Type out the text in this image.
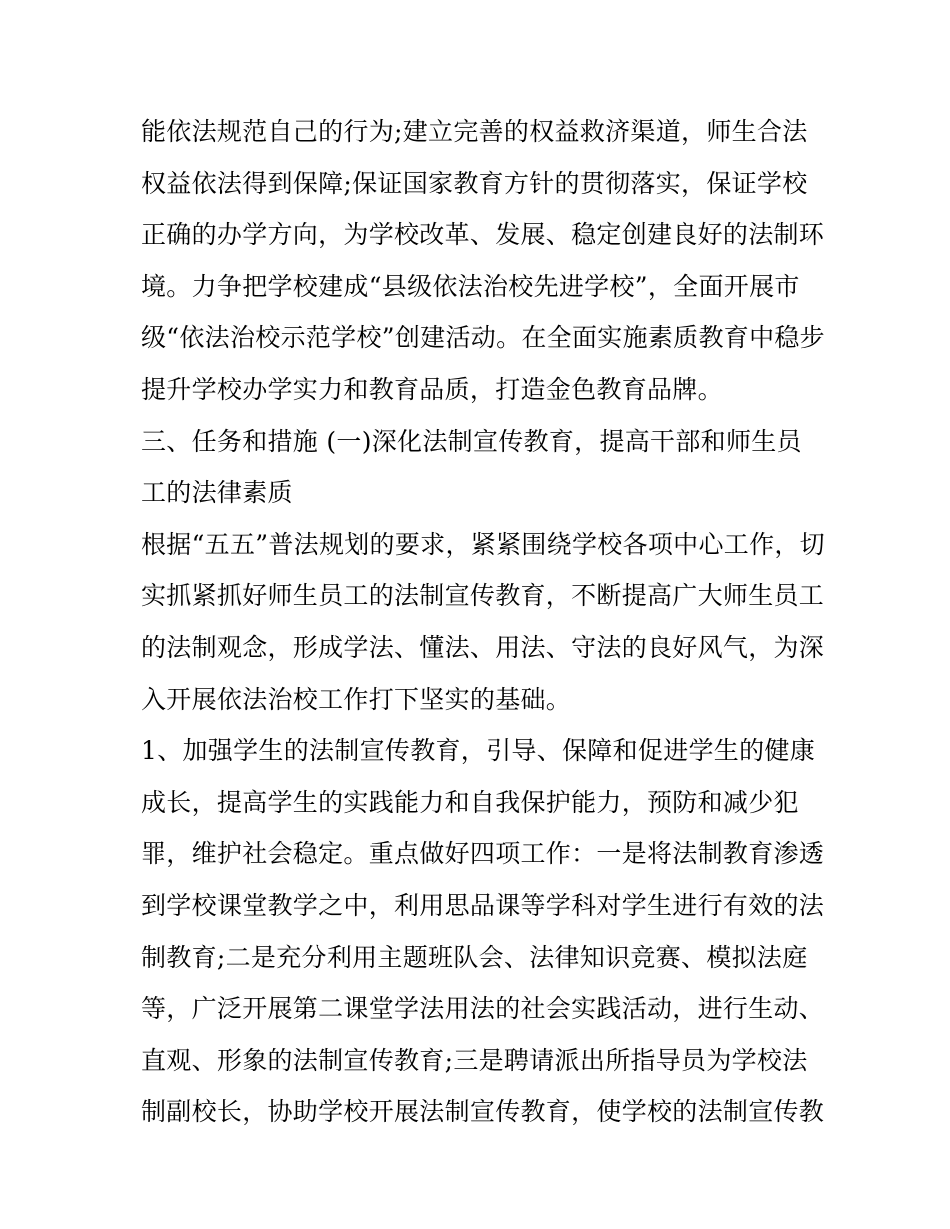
能依法规范自己的行为;建立完善的权益救济渠道，师生合法
权益依法得到保障;保证国家教育方针的贯彻落实，保证学校
正确的办学方向，为学校改革、发展、稳定创建良好的法制环
境。力争把学校建成“县级依法治校先进学校”，全面开展市
级“依法治校示范学校”创建活动。在全面实施素质教育中稳步
提升学校办学实力和教育品质，打造金色教育品牌。
三、任务和措施 (一)深化法制宣传教育，提高干部和师生员
工的法律素质
根据“五五”普法规划的要求，紧紧围绕学校各项中心工作，切
实抓紧抓好师生员工的法制宣传教育，不断提高广大师生员工
的法制观念，形成学法、懂法、用法、守法的良好风气，为深
入开展依法治校工作打下坚实的基础。
1、加强学生的法制宣传教育，引导、保障和促进学生的健康
成长，提高学生的实践能力和自我保护能力，预防和减少犯
罪，维护社会稳定。重点做好四项工作：一是将法制教育渗透
到学校课堂教学之中，利用思品课等学科对学生进行有效的法
制教育;二是充分利用主题班队会、法律知识竞赛、模拟法庭
等，广泛开展第二课堂学法用法的社会实践活动，进行生动、
直观、形象的法制宣传教育;三是聘请派出所指导员为学校法
制副校长，协助学校开展法制宣传教育，使学校的法制宣传教
